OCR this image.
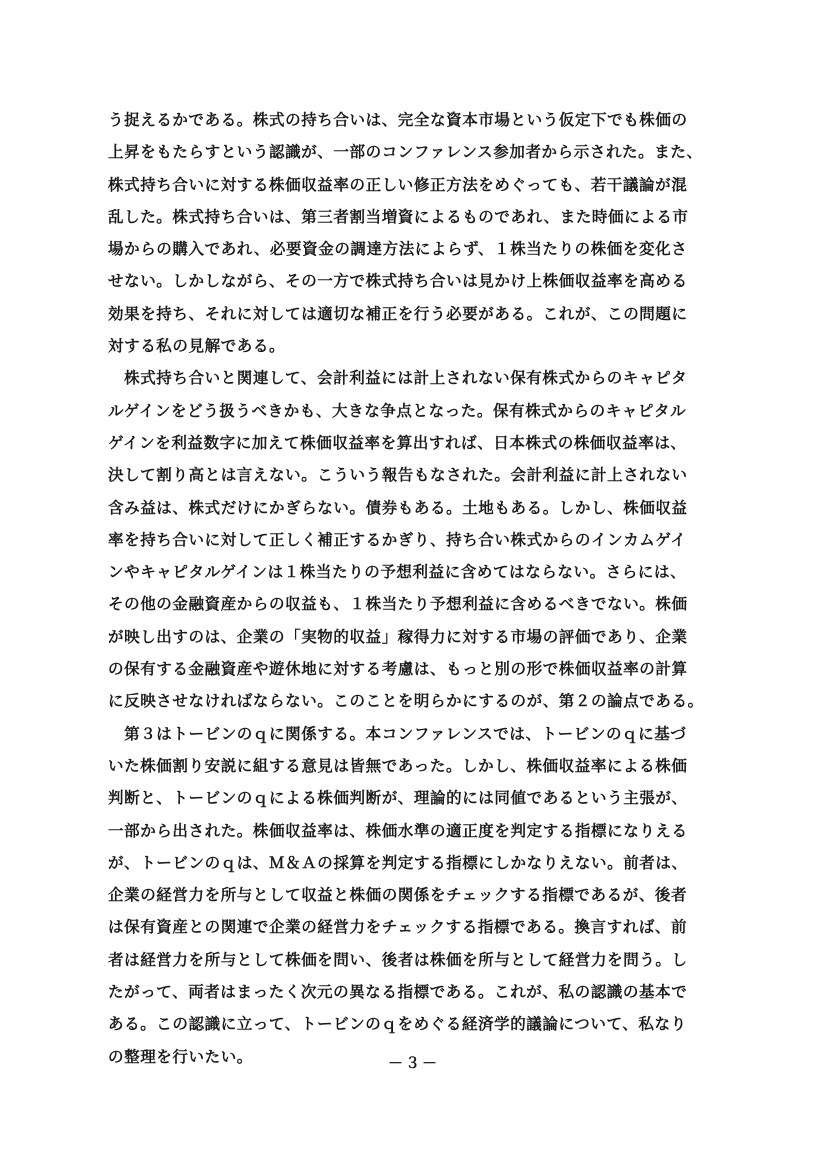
う捉えるかである。株式の持ち合いは、完全な資本市場という仮定下でも株価の
上昇をもたらすという認識が、一部のコンファレンス参加者から示された。また、
株式持ち合いに対する株価収益率の正しい修正方法をめぐっても、若干議論が混
乱した。株式持ち合いは、第三者割当増資によるものであれ、また時価による市
場からの購入であれ、必要資金の調達方法によらず、１株当たりの株価を変化さ
せない。しかしながら、その一方で株式持ち合いは見かけ上株価収益率を高める
効果を持ち、それに対しては適切な補正を行う必要がある。これが、この問題に
対する私の見解である。
　株式持ち合いと関連して、会計利益には計上されない保有株式からのキャピタ
ルゲインをどう扱うべきかも、大きな争点となった。保有株式からのキャピタル
ゲインを利益数字に加えて株価収益率を算出すれば、日本株式の株価収益率は、
決して割り高とは言えない。こういう報告もなされた。会計利益に計上されない
含み益は、株式だけにかぎらない。債券もある。土地もある。しかし、株価収益
率を持ち合いに対して正しく補正するかぎり、持ち合い株式からのインカムゲイ
ンやキャピタルゲインは１株当たりの予想利益に含めてはならない。さらには、
その他の金融資産からの収益も、１株当たり予想利益に含めるべきでない。株価
が映し出すのは、企業の「実物的収益」稼得力に対する市場の評価であり、企業
の保有する金融資産や遊休地に対する考慮は、もっと別の形で株価収益率の計算
に反映させなければならない。このことを明らかにするのが、第２の論点である。
　第３はトービンのｑに関係する。本コンファレンスでは、トービンのｑに基づ
いた株価割り安説に組する意見は皆無であった。しかし、株価収益率による株価
判断と、トービンのｑによる株価判断が、理論的には同値であるという主張が、
一部から出された。株価収益率は、株価水準の適正度を判定する指標になりえる
が、トービンのｑは、Ｍ＆Ａの採算を判定する指標にしかなりえない。前者は、
企業の経営力を所与として収益と株価の関係をチェックする指標であるが、後者
は保有資産との関連で企業の経営力をチェックする指標である。換言すれば、前
者は経営力を所与として株価を問い、後者は株価を所与として経営力を問う。し
たがって、両者はまったく次元の異なる指標である。これが、私の認識の基本で
ある。この認識に立って、トービンのｑをめぐる経済学的議論について、私なり
の整理を行いたい。	－３－
